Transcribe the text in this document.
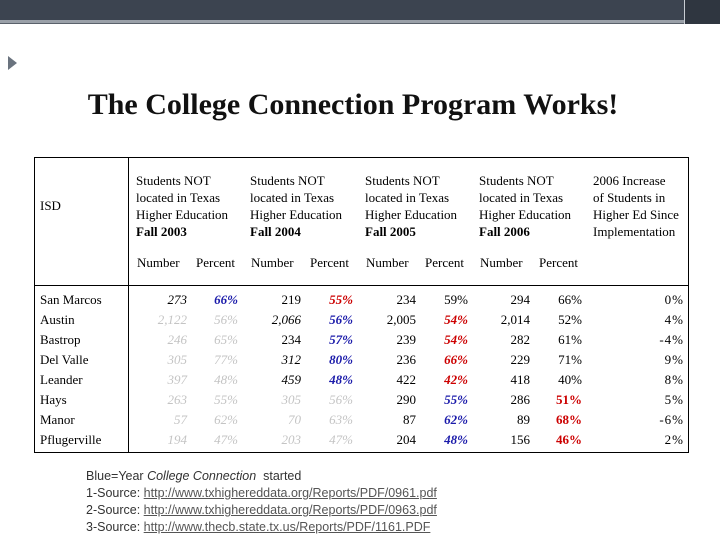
The College Connection Program Works!
ISD
Students NOT
located in Texas
Higher Education
Fall 2003
Students NOT
located in Texas
Higher Education
Fall 2004
Students NOT
located in Texas
Higher Education
Fall 2005
Students NOT
located in Texas
Higher Education
Fall 2006
2006 Increase
of Students in
Higher Ed Since
Implementation
Number Percent Number Percent Number Percent Number Percent
San Marcos	273	66%	219	55%	234	59%	294	66%	0%
Austin	2,122	56%	2,066	56%	2,005	54%	2,014	52%	4%
Bastrop	246	65%	234	57%	239	54%	282	61%	-4%
Del Valle	305	77%	312	80%	236	66%	229	71%	9%
Leander	397	48%	459	48%	422	42%	418	40%	8%
Hays	263	55%	305	56%	290	55%	286	51%	5%
Manor	57	62%	70	63%	87	62%	89	68%	-6%
Pflugerville	194	47%	203	47%	204	48%	156	46%	2%
Blue=Year College Connection  started
1-Source: http://www.txhighereddata.org/Reports/PDF/0961.pdf
2-Source: http://www.txhighereddata.org/Reports/PDF/0963.pdf
3-Source: http://www.thecb.state.tx.us/Reports/PDF/1161.PDF
